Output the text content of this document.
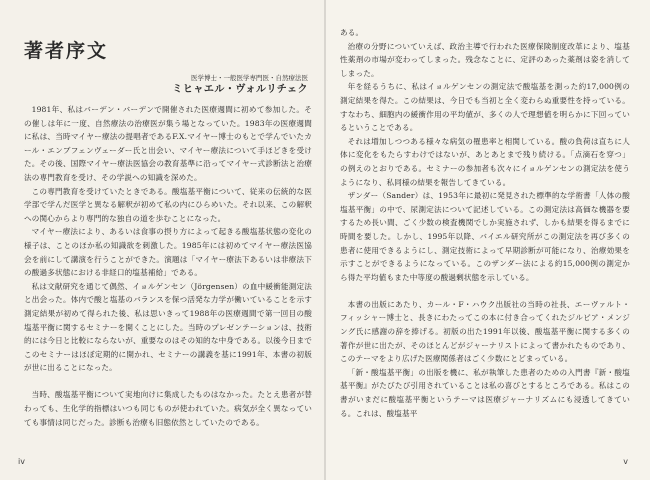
著者序文

医学博士・一般医学専門医・自然療法医

ミヒャエル・ヴォルリチェク

1981年、私はバーデン・バーデンで開催された医療週間に初めて参加した。その催しは年に一度、自然療法の治療医が集う場となっていた。1983年の医療週間に私は、当時マイヤー療法の提唱者であるF.X.マイヤー博士のもとで学んでいたカール・エンブフェンヴェーダー氏と出会い、マイヤー療法について手ほどきを受けた。その後、国際マイヤー療法医協会の教育基準に沿ってマイヤー式診断法と治療法の専門教育を受け、その学説への知識を深めた。

この専門教育を受けていたときである。酸塩基平衡について、従来の伝統的な医学部で学んだ医学と異なる解釈が初めて私の内にひらめいた。それ以来、この解釈への関心からより専門的な独自の道を歩むことになった。

マイヤー療法により、あるいは食事の摂り方によって起きる酸塩基状態の変化の様子は、ことのほか私の知識欲を刺激した。1985年には初めてマイヤー療法医協会を前にして講演を行うことができた。演題は「マイヤー療法下あるいは非療法下の酸過多状態における非経口的塩基補給」である。

私は文献研究を通じて偶然、イョルゲンセン（Jörgensen）の血中緩衝能測定法と出会った。体内で酸と塩基のバランスを保つ活発な力学が働いていることを示す測定結果が初めて得られた後、私は思いきって1988年の医療週間で第一回目の酸塩基平衡に関するセミナーを開くことにした。当時のプレゼンテーションは、技術的には今日と比較にならないが、重要なのはその知的な中身である。以後今日までこのセミナーはほぼ定期的に開かれ、セミナーの講義を基に1991年、本書の初版が世に出ることになった。

当時、酸塩基平衡について実地向けに集成したものはなかった。たとえ患者が替わっても、生化学的指標はいつも同じものが使われていた。病気が全く異なっていても事情は同じだった。診断も治療も旧態依然としていたのである。

iv

ある。

治療の分野についていえば、政治主導で行われた医療保険制度改革により、塩基性薬剤の市場が変わってしまった。残念なことに、定評のあった薬剤は姿を消してしまった。

年を経るうちに、私はイョルゲンセンの測定法で酸塩基を測った約17,000例の測定結果を得た。この結果は、今日でも当初と全く変わらぬ重要性を持っている。すなわち、細胞内の緩衝作用の平均値が、多くの人で理想値を明らかに下回っているということである。

それは増加しつつある様々な病気の罹患率と相関している。酸の負荷は直ちに人体に変化をもたらすわけではないが、あとあとまで残り続ける。「点滴石を穿つ」の例えのとおりである。セミナーの参加者も次々にイョルゲンセンの測定法を使うようになり、私同様の結果を報告してきている。

ザンダー（Sander）は、1953年に最初に発見された標準的な学術書「人体の酸塩基平衡」の中で、尿測定法について記述している。この測定法は高価な機器を要するため長い間、ごく少数の検査機関でしか実施されず、しかも結果を得るまでに時間を要した。しかし、1995年以降、バイエル研究所がこの測定法を再び多くの患者に使用できるようにし、測定技術によって早期診断が可能になり、治療効果を示すことができるようになっている。このザンダー法による約15,000例の測定から得た平均値もまた中等度の酸過剰状態を示している。

本書の出版にあたり、カール・F・ハウク出版社の当時の社長、エーヴァルト・フィッシャー博士と、長きにわたってこの本に付き合ってくれたジルビア・メンジング氏に感謝の辞を捧げる。初版の出た1991年以後、酸塩基平衡に関する多くの著作が世に出たが、そのほとんどがジャーナリストによって書かれたものであり、このテーマをより広げた医療関係者はごく少数にとどまっている。

「新・酸塩基平衡」の出版を機に、私が執筆した患者のための入門書『新・酸塩基平衡』がたびたび引用されていることは私の喜びとするところである。私はこの書がいまだに酸塩基平衡というテーマは医療ジャーナリズムにも浸透してきている。これは、酸塩基平

v
